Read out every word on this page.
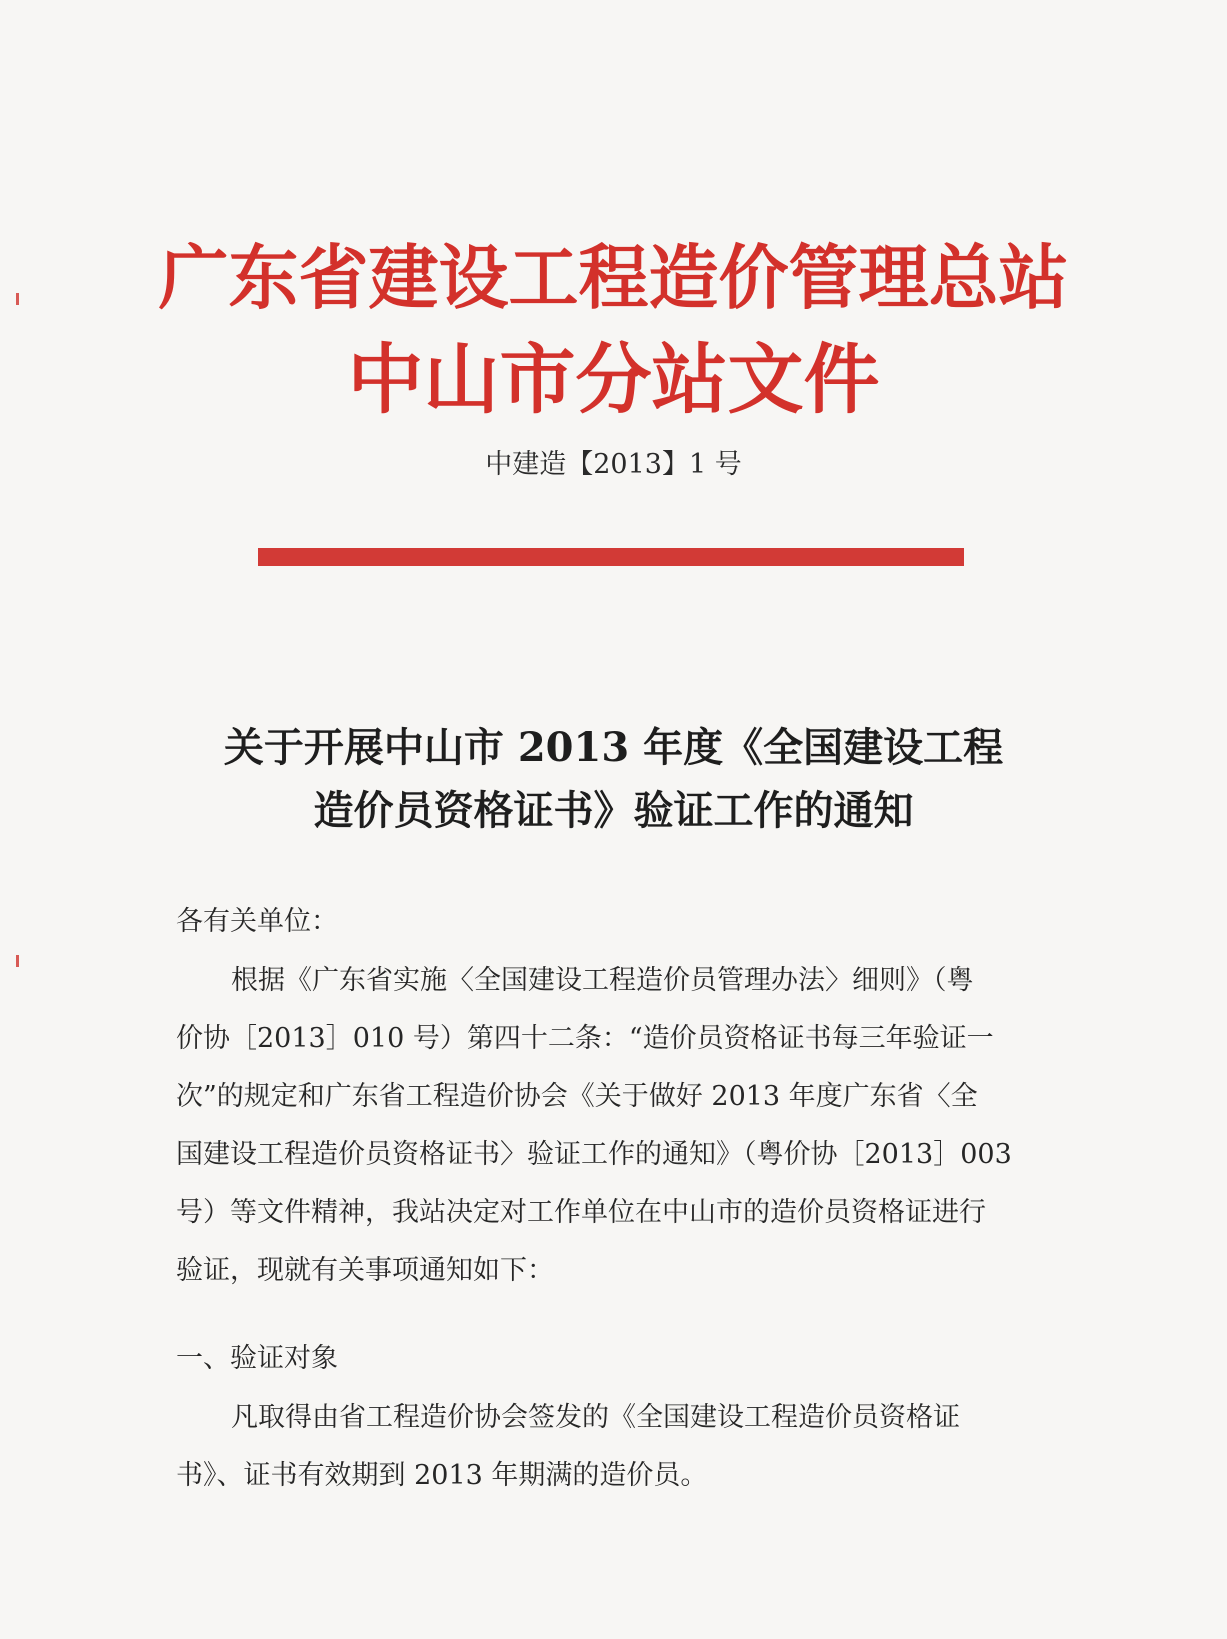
广东省建设工程造价管理总站
中山市分站文件
中建造【2013】1 号
关于开展中山市 2013 年度《全国建设工程
造价员资格证书》验证工作的通知
各有关单位：
根据《广东省实施〈全国建设工程造价员管理办法〉细则》（粤
价协［2013］010 号）第四十二条：“造价员资格证书每三年验证一
次”的规定和广东省工程造价协会《关于做好 2013 年度广东省〈全
国建设工程造价员资格证书〉验证工作的通知》（粤价协［2013］003
号）等文件精神，我站决定对工作单位在中山市的造价员资格证进行
验证，现就有关事项通知如下：
一、验证对象
凡取得由省工程造价协会签发的《全国建设工程造价员资格证
书》、证书有效期到 2013 年期满的造价员。
